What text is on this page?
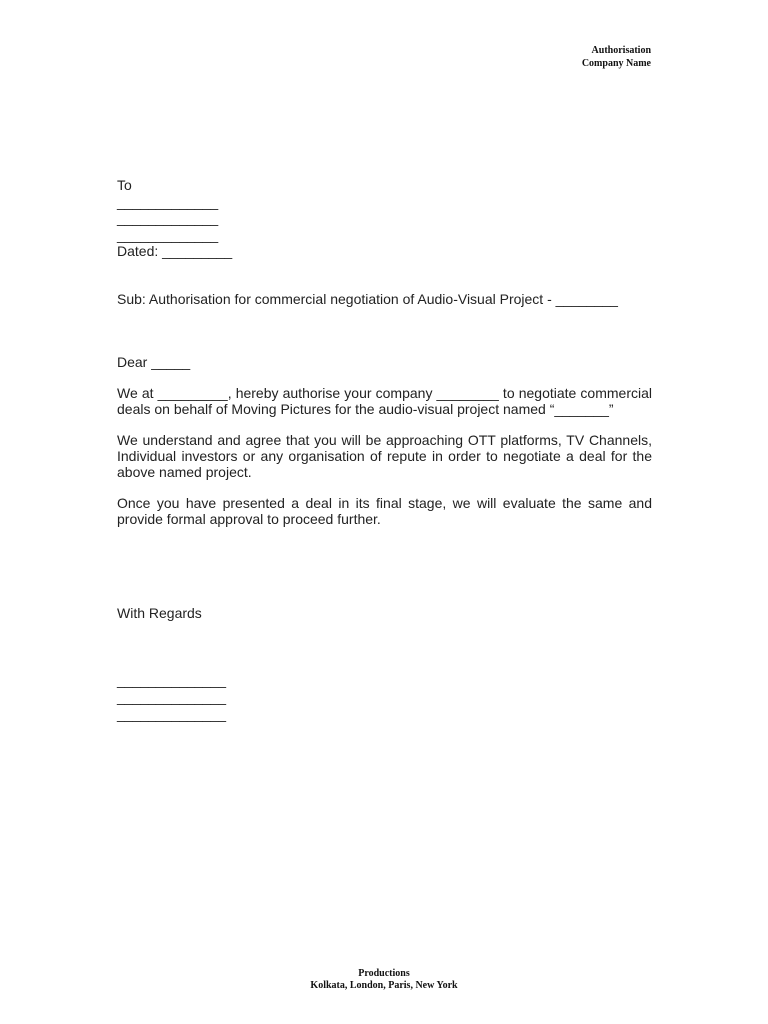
Authorisation
Company Name
To
_____________
_____________
_____________
Dated: _________
Sub: Authorisation for commercial negotiation of Audio-Visual Project - ________
Dear _____

We at _________, hereby authorise your company ________ to negotiate commercial deals on behalf of Moving Pictures for the audio-visual project named “_______”

We understand and agree that you will be approaching OTT platforms, TV Channels, Individual investors or any organisation of repute in order to negotiate a deal for the above named project.

Once you have presented a deal in its final stage, we will evaluate the same and provide formal approval to proceed further.

With Regards
______________
______________
______________
Productions
Kolkata, London, Paris, New York
